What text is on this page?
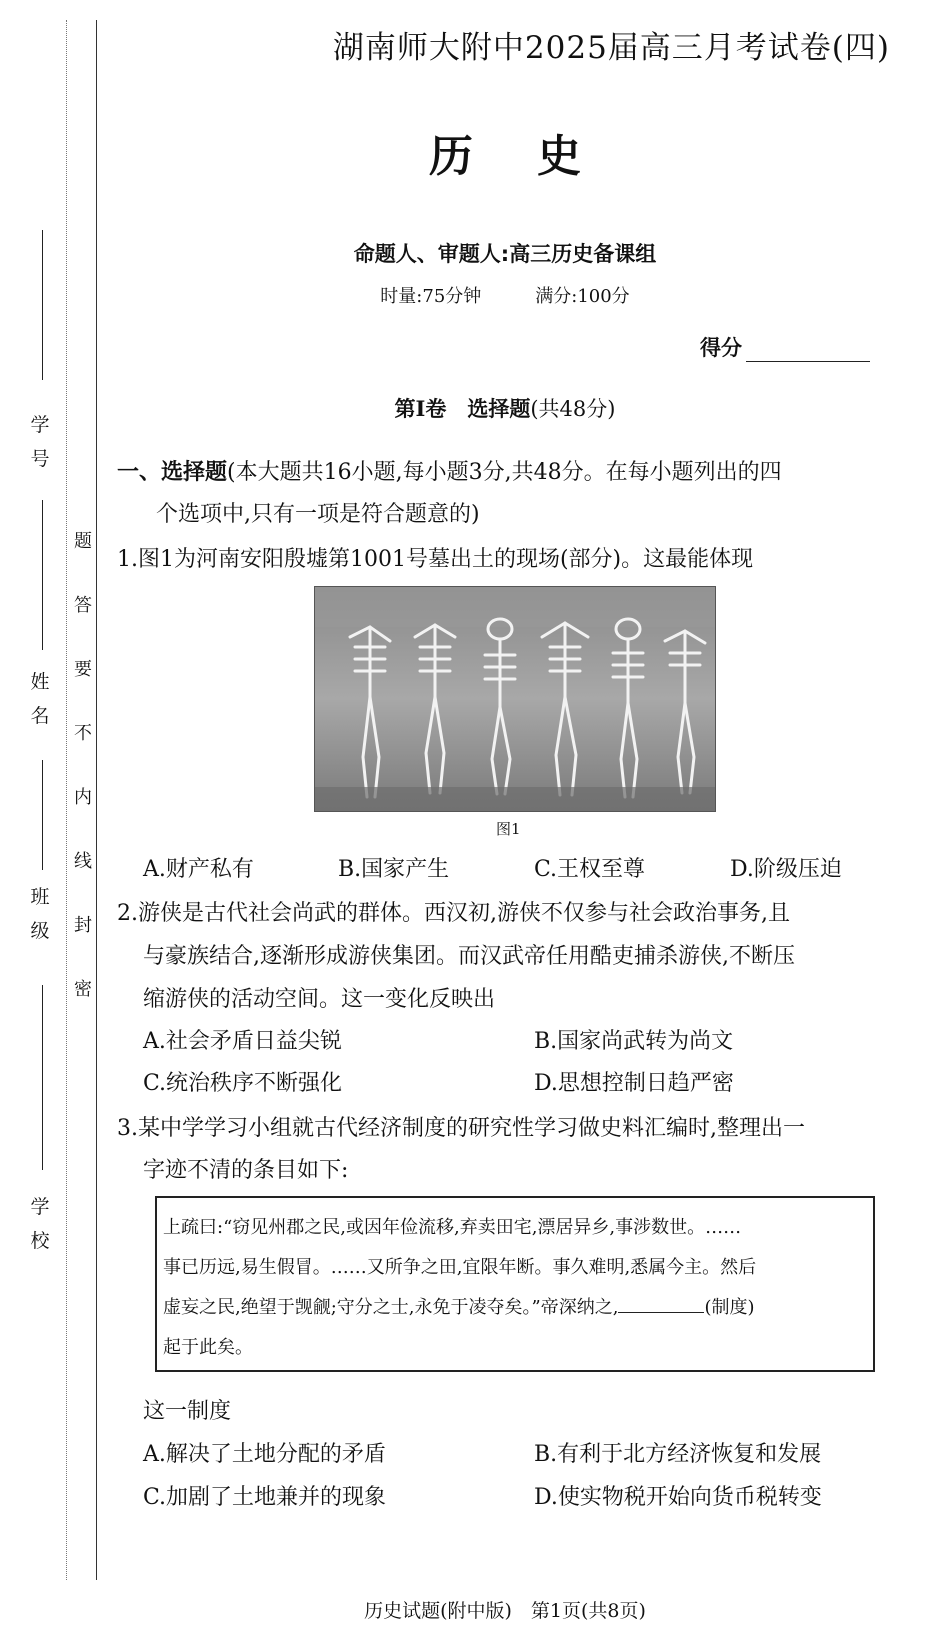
学号
姓名
班级
学校
题
答
要
不
内
线
封
密
湖南师大附中2025届高三月考试卷(四)
历史
命题人、审题人:高三历史备课组
时量:75分钟	满分:100分
得分
第Ⅰ卷　选择题(共48分)
一、选择题(本大题共16小题,每小题3分,共48分。在每小题列出的四
个选项中,只有一项是符合题意的)
1.图1为河南安阳殷墟第1001号墓出土的现场(部分)。这最能体现
图1
A.财产私有	B.国家产生	C.王权至尊	D.阶级压迫
2.游侠是古代社会尚武的群体。西汉初,游侠不仅参与社会政治事务,且
与豪族结合,逐渐形成游侠集团。而汉武帝任用酷吏捕杀游侠,不断压
缩游侠的活动空间。这一变化反映出
A.社会矛盾日益尖锐	B.国家尚武转为尚文
C.统治秩序不断强化	D.思想控制日趋严密
3.某中学学习小组就古代经济制度的研究性学习做史料汇编时,整理出一
字迹不清的条目如下:
上疏曰:“窃见州郡之民,或因年俭流移,弃卖田宅,漂居异乡,事涉数世。……
事已历远,易生假冒。……又所争之田,宜限年断。事久难明,悉属今主。然后
虚妄之民,绝望于觊觎;守分之士,永免于凌夺矣。”帝深纳之,	(制度)
起于此矣。
这一制度
A.解决了土地分配的矛盾	B.有利于北方经济恢复和发展
C.加剧了土地兼并的现象	D.使实物税开始向货币税转变
历史试题(附中版)　第1页(共8页)
